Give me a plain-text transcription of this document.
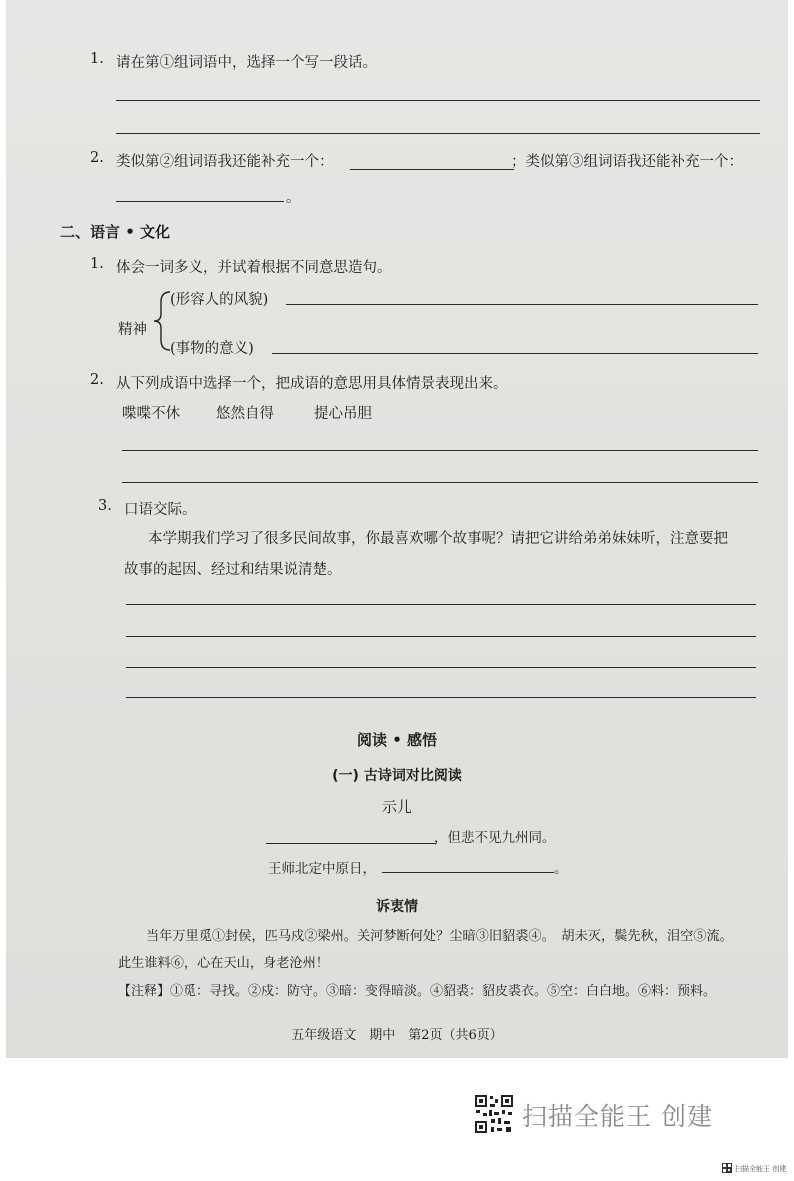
1. 请在第①组词语中，选择一个写一段话。
2. 类似第②组词语我还能补充一个：	；类似第③组词语我还能补充一个：
。
二、语言 • 文化
1. 体会一词多义，并试着根据不同意思造句。
(形容人的风貌)
精神
(事物的意义)
2. 从下列成语中选择一个，把成语的意思用具体情景表现出来。
喋喋不休 悠然自得	提心吊胆
3. 口语交际。
本学期我们学习了很多民间故事，你最喜欢哪个故事呢？请把它讲给弟弟妹妹听，注意要把
故事的起因、经过和结果说清楚。
阅读 • 感悟
(一) 古诗词对比阅读
示儿
，但悲不见九州同。
王师北定中原日，	。
诉衷情
当年万里觅①封侯，匹马戍②梁州。关河梦断何处？尘暗③旧貂裘④。　胡未灭，鬓先秋，泪空⑤流。
此生谁料⑥，心在天山，身老沧州！
【注释】①觅：寻找。②戍：防守。③暗：变得暗淡。④貂裘：貂皮裘衣。⑤空：白白地。⑥料：预料。
五年级语文　期中　第2页（共6页）
扫描全能王 创建
扫描全能王 创建
